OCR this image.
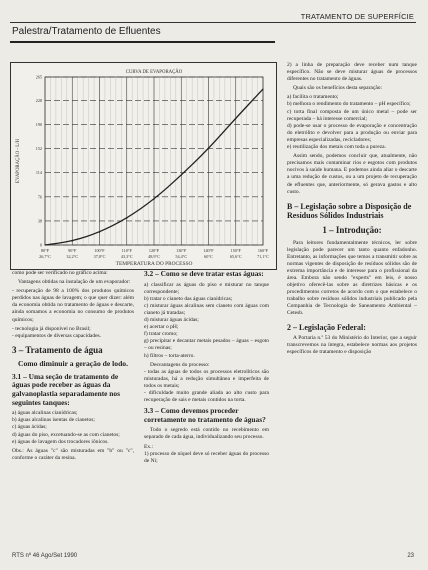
TRATAMENTO DE SUPERFÍCIE
Palestra/Tratamento de Efluentes
0
38
76
114
152
190
228
265
80°F	90°F	100°F	110°F	120°F	130°F	140°F	150°F	160°F
26,7°C	32,2°C	37,8°C	43,3°C	48,9°C	54,4°C	60°C	65,6°C	71,1°C
CURVA DE EVAPORAÇÃO
TEMPERATURA DO PROCESSO
EVAPORAÇÃO - L/H

como pode ser verificado no gráfico acima:

Vantagens obtidas na instalação de um evaporador:

- recuperação de 98 a 100% dos produtos químicos perdidos nas águas de lavagem; o que quer dizer: além da economia obtida no tratamento de águas e descarte, ainda somamos a economia no consumo de produtos químicos;

- tecnologia já disponível no Brasil;

- equipamentos de diversas capacidades.

3 – Tratamento de água
Como diminuir a geração de lodo.
3.1 – Uma seção de tratamento de águas pode receber as águas da galvanoplastia separadamente nos seguintes tanques:

a) águas alcalinas cianídricas;

b) águas alcalinas isentas de cianetos;

c) águas ácidas;

d) águas do piso, excetuando-se as com cianetos;

e) águas de lavagem dos trocadores iônicos.

Obs.: As águas "c" são misturadas em "b" ou "c", conforme o caráter da resina.

3.2 – Como se deve tratar estas águas:

a) classificar as águas do piso e misturar no tanque correspondente;

b) tratar o cianeto das águas cianídricas;

c) misturar águas alcalinas sem cianeto com águas com cianeto já tratadas;

d) misturar águas ácidas;

e) acertar o pH;

f) tratar cromo;

g) precipitar e decantar metais pesados – águas – esgoto – ou resinas;

h) filtros – torta-aterro.

Desvantagens do processo:

- todas as águas de todos os processos eletrolíticos são misturadas, há a redução simultânea e imperfeita de todos os metais;

- dificuldade muito grande aliada ao alto custo para recuperação de sais e metais contidos na torta.

3.3 – Como devemos proceder corretamente no tratamento de águas?

Todo o segredo está contido no recebimento em separado de cada água, individualizando seu processo.

Ex.:

1) processo de níquel deve só receber águas do processo de Ni;

2) a linha de preparação deve receber num tanque específico. Não se deve misturar águas de processos diferentes no tratamento de águas.

Quais são os benefícios desta separação:

a) facilita o tratamento;

b) melhora o rendimento do tratamento – pH específico;

c) torta final composta de um único metal – pode ser recuperada – há interesse comercial;

d) pode-se usar o processo de evaporação e concentração do eletrólito e devolver para a produção ou enviar para empresas especializadas, recicladores;

e) reutilização dos metais com toda a pureza.

Assim sendo, podemos concluir que, atualmente, não precisamos mais contaminar rios e esgotos com produtos nocivos à saúde humana. E podemos ainda aliar o descarte a uma redução de custos, ou a um projeto de recuperação de efluentes que, anteriormente, só gerava gastos e alto custo.

B – Legislação sobre a Disposição de Resíduos Sólidos Industriais
1 – Introdução:

Para leitores fundamentalmente técnicos, ler sobre legislação pode parecer um tanto quanto enfadonho. Entretanto, as informações que temos a transmitir sobre as normas vigentes de disposição de resíduos sólidos são de extrema importância e de interesse para o profissional da área. Embora não sendo "experts" em leis, é nosso objetivo oferecê-las sobre as diretrizes básicas e os procedimentos corretos de acordo com o que estabelece o trabalho sobre resíduos sólidos industriais publicado pela Companhia de Tecnologia de Saneamento Ambiental – Cetesb.

2 – Legislação Federal:

A Portaria n.º 53 do Ministério do Interior, que a seguir transcrevemos na íntegra, estabelece normas aos projetos específicos de tratamento e disposição

RTS nº 46 Ago/Set 1990	23
